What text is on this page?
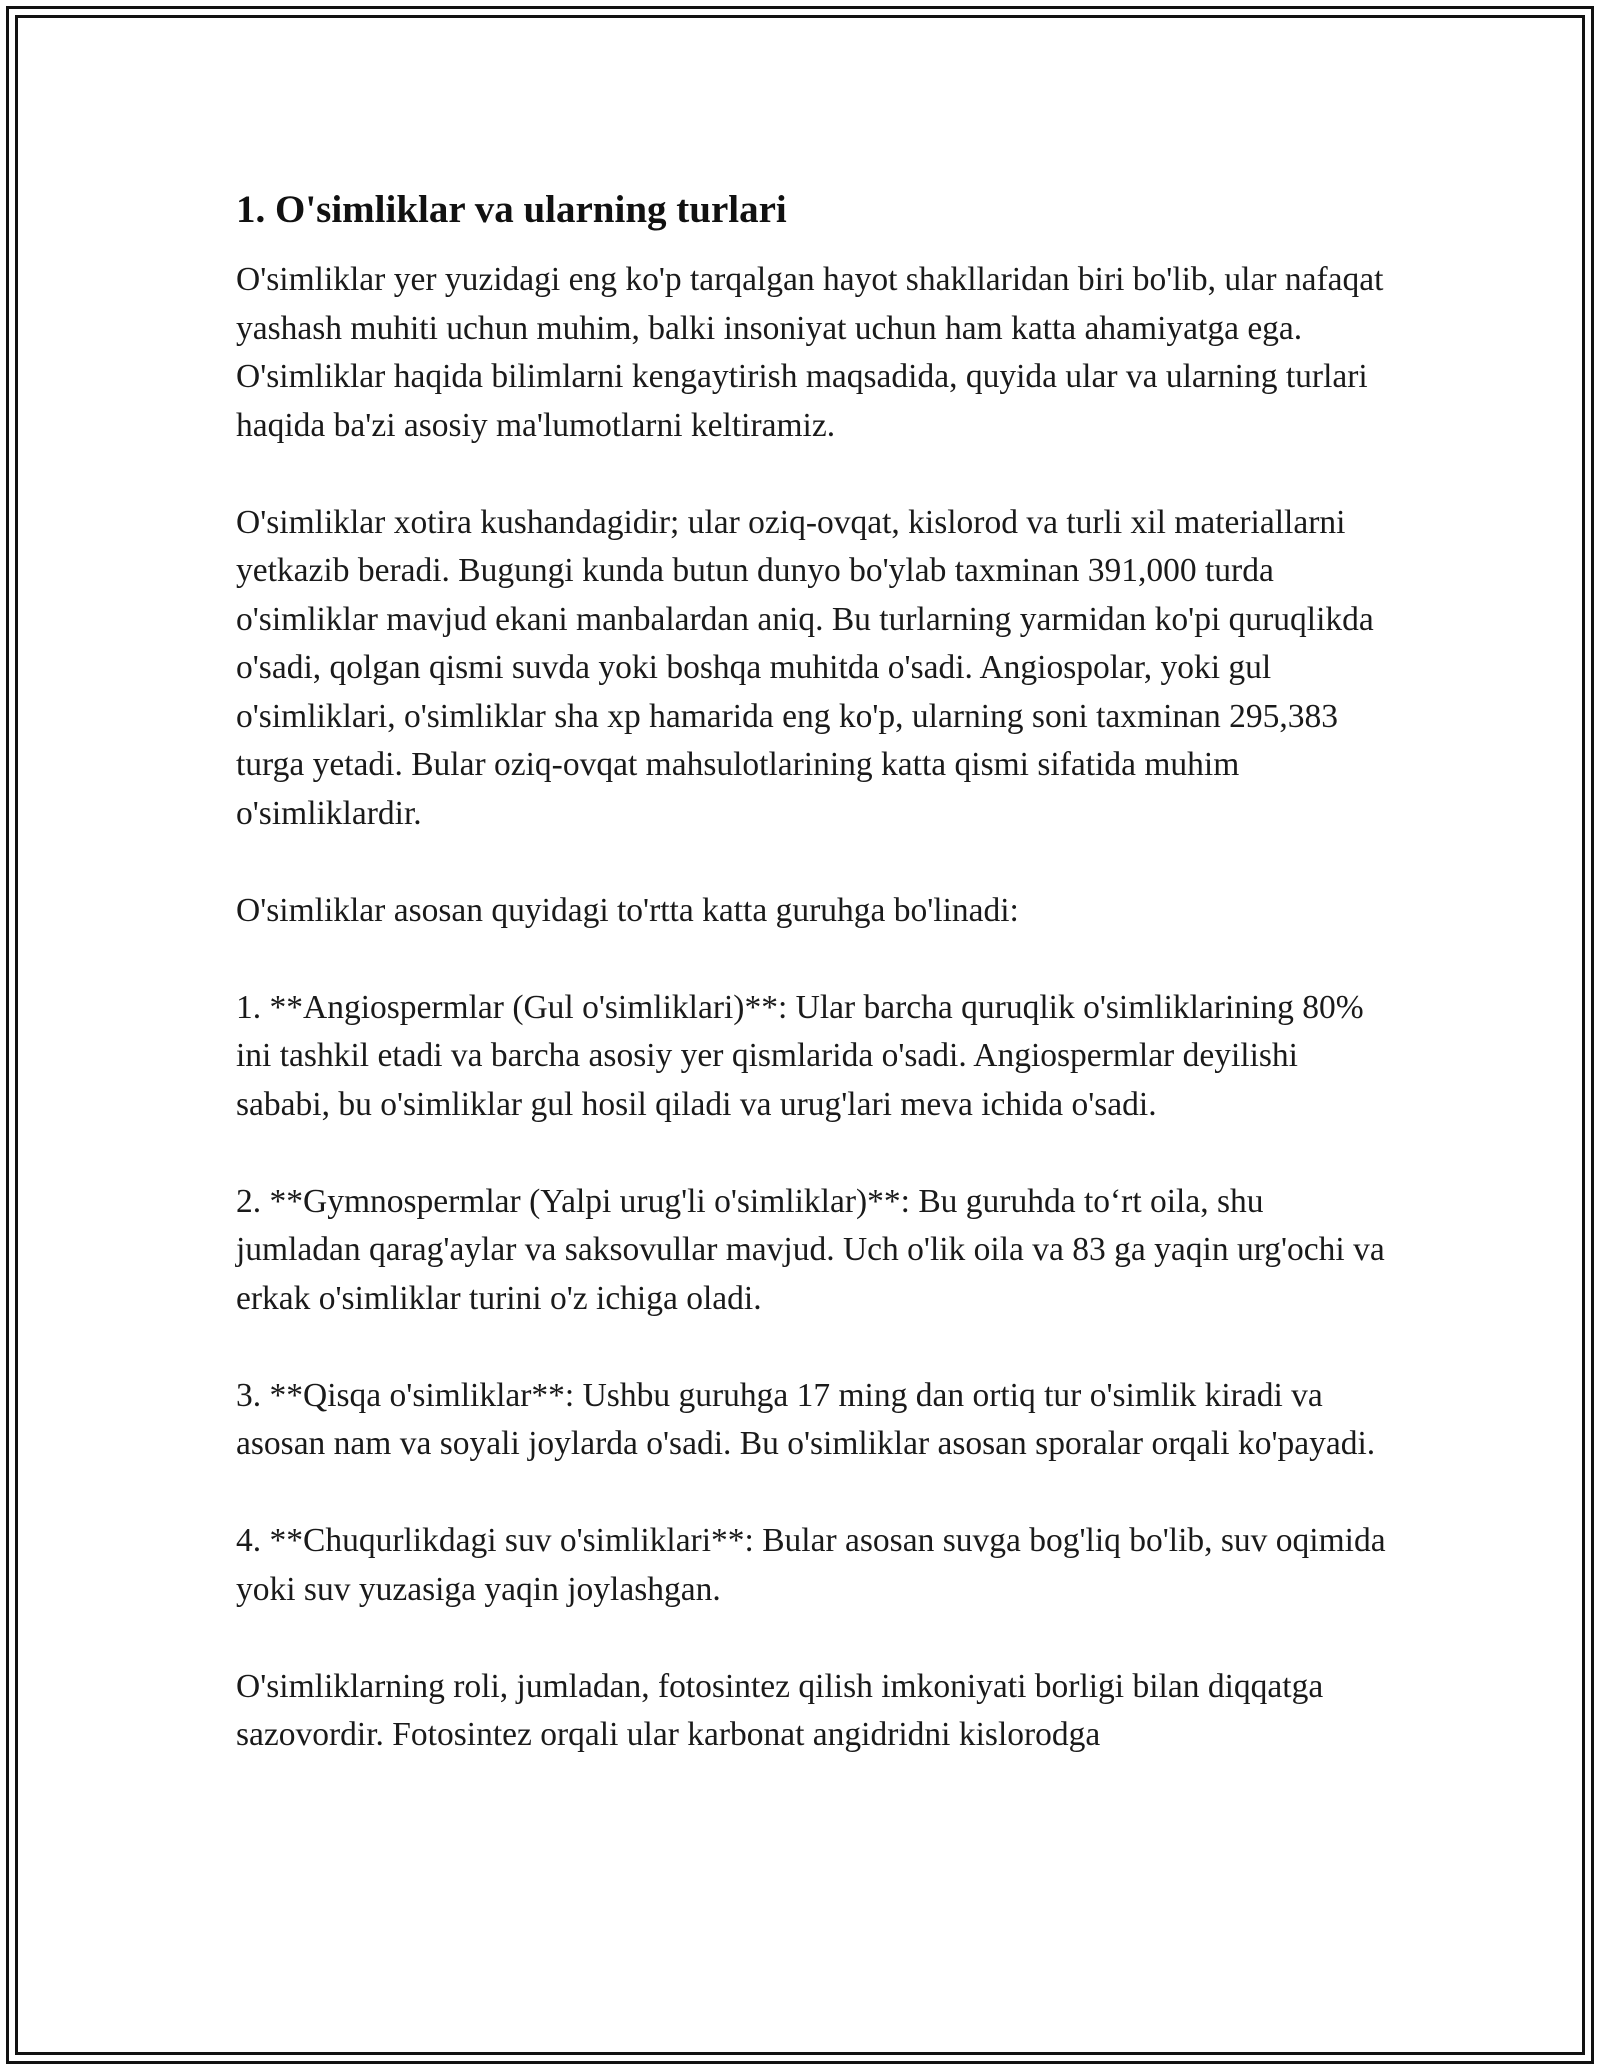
1. O'simliklar va ularning turlari

O'simliklar yer yuzidagi eng ko'p tarqalgan hayot shakllaridan biri bo'lib, ular nafaqat yashash muhiti uchun muhim, balki insoniyat uchun ham katta ahamiyatga ega. O'simliklar haqida bilimlarni kengaytirish maqsadida, quyida ular va ularning turlari haqida ba'zi asosiy ma'lumotlarni keltiramiz.

O'simliklar xotira kushandagidir; ular oziq-ovqat, kislorod va turli xil materiallarni yetkazib beradi. Bugungi kunda butun dunyo bo'ylab taxminan 391,000 turda o'simliklar mavjud ekani manbalardan aniq. Bu turlarning yarmidan ko'pi quruqlikda o'sadi, qolgan qismi suvda yoki boshqa muhitda o'sadi. Angiospolar, yoki gul o'simliklari, o'simliklar sha xp hamarida eng ko'p, ularning soni taxminan 295,383 turga yetadi. Bular oziq-ovqat mahsulotlarining katta qismi sifatida muhim o'simliklardir.

O'simliklar asosan quyidagi to'rtta katta guruhga bo'linadi:

1. **Angiospermlar (Gul o'simliklari)**: Ular barcha quruqlik o'simliklarining 80% ini tashkil etadi va barcha asosiy yer qismlarida o'sadi. Angiospermlar deyilishi sababi, bu o'simliklar gul hosil qiladi va urug'lari meva ichida o'sadi.

2. **Gymnospermlar (Yalpi urug'li o'simliklar)**: Bu guruhda to‘rt oila, shu jumladan qarag'aylar va saksovullar mavjud. Uch o'lik oila va 83 ga yaqin urg'ochi va erkak o'simliklar turini o'z ichiga oladi.

3. **Qisqa o'simliklar**: Ushbu guruhga 17 ming dan ortiq tur o'simlik kiradi va asosan nam va soyali joylarda o'sadi. Bu o'simliklar asosan sporalar orqali ko'payadi.

4. **Chuqurlikdagi suv o'simliklari**: Bular asosan suvga bog'liq bo'lib, suv oqimida yoki suv yuzasiga yaqin joylashgan.

O'simliklarning roli, jumladan, fotosintez qilish imkoniyati borligi bilan diqqatga sazovordir. Fotosintez orqali ular karbonat angidridni kislorodga
